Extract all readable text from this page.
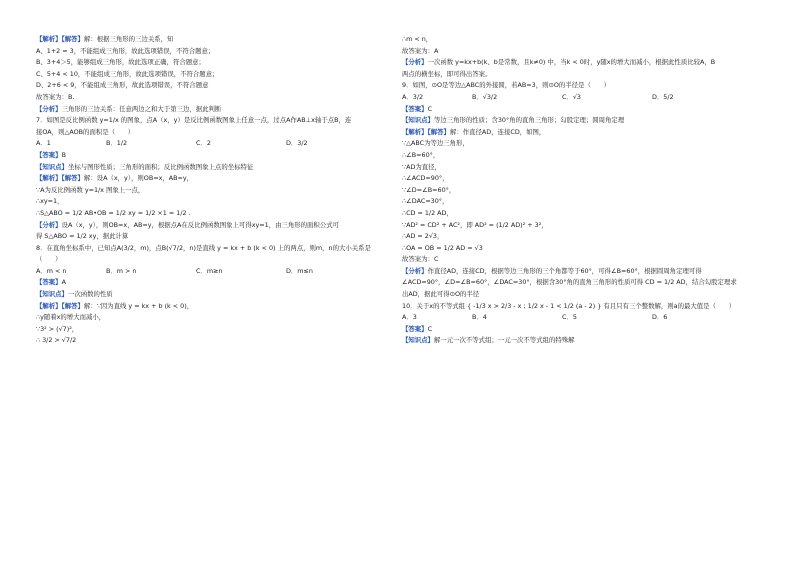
【解析】【解答】解：根据三角形的三边关系，知
A、1+2 = 3，不能组成三角形，故此选项错误，不符合题意；
B、3+4＞5，能够组成三角形，故此选项正确，符合题意；
C、5+4 < 10，不能组成三角形，故此选项错误，不符合题意；
D、2+6 < 9，不能组成三角形，故此选项错误，不符合题意
故答案为：B.
【分析】三角形的三边关系：任意两边之和大于第三边，据此判断
7．如图是反比例函数 y=1/x 的图象，点A（x，y）是反比例函数图象上任意一点，过点A作AB⊥x轴于点B，连
接OA，则△AOB的面积是（　　）
A．1	B．1/2	C．2	D．3/2
【答案】B
【知识点】坐标与图形性质；三角形的面积；反比例函数图象上点的坐标特征
【解析】【解答】解：设A（x，y），则OB=x，AB=y，
∵A为反比例函数 y=1/x 图象上一点，
∴xy=1，
∴S△ABO = 1/2 AB•OB = 1/2 xy = 1/2 ×1 = 1/2 .
【分析】设A（x，y），则OB=x，AB=y，根据点A在反比例函数图象上可得xy=1，由三角形的面积公式可
得 S△ABO = 1/2 xy，据此计算
8．在直角坐标系中，已知点A(3/2，m)，点B(√7/2，n)是直线 y = kx + b (k < 0) 上的两点，则m，n的大小关系是
（　　）
A．m < n	B．m > n	C．m≥n	D．m≤n
【答案】A
【知识点】一次函数的性质
【解析】【解答】解：∵因为直线 y = kx + b (k < 0)，
∴y随着x的增大而减小，
∵3² > (√7)²，
∴ 3/2 > √7/2
∴m < n，
故答案为：A
【分析】一次函数 y=kx+b(k、b是常数，且k≠0) 中，当k < 0时，y随x的增大而减小，根据此性质比较A，B
两点的横坐标，即可得出答案。
9．如图，⊙O是等边△ABC的外接圆，若AB=3，则⊙O的半径是（　　）
A．3/2	B．√3/2	C．√3	D．5/2
【答案】C
【知识点】等边三角形的性质；含30°角的直角三角形；勾股定理；圆周角定理
【解析】【解答】解：作直径AD，连接CD，如图，
∵△ABC为等边三角形，
∴∠B=60°，
∵AD为直径，
∴∠ACD=90°，
∵∠D=∠B=60°，
∴∠DAC=30°，
∴CD = 1/2 AD，
∵AD² = CD² + AC²，即 AD² = (1/2 AD)² + 3²，
∴AD = 2√3，
∴OA = OB = 1/2 AD = √3
故答案为：C
【分析】作直径AD，连接CD，根据等边三角形的三个角都等于60°，可得∠B=60°，根据圆周角定理可得
∠ACD=90°，∠D=∠B=60°，∠DAC=30°，根据含30°角的直角三角形的性质可得 CD = 1/2 AD，结合勾股定理求
出AD，据此可得⊙O的半径
10．关于x的不等式组 { -1/3 x > 2/3 - x ; 1/2 x - 1 < 1/2 (a - 2) } 有且只有三个整数解，则a的最大值是（　　）
A．3	B．4	C．5	D．6
【答案】C
【知识点】解一元一次不等式组；一元一次不等式组的特殊解
